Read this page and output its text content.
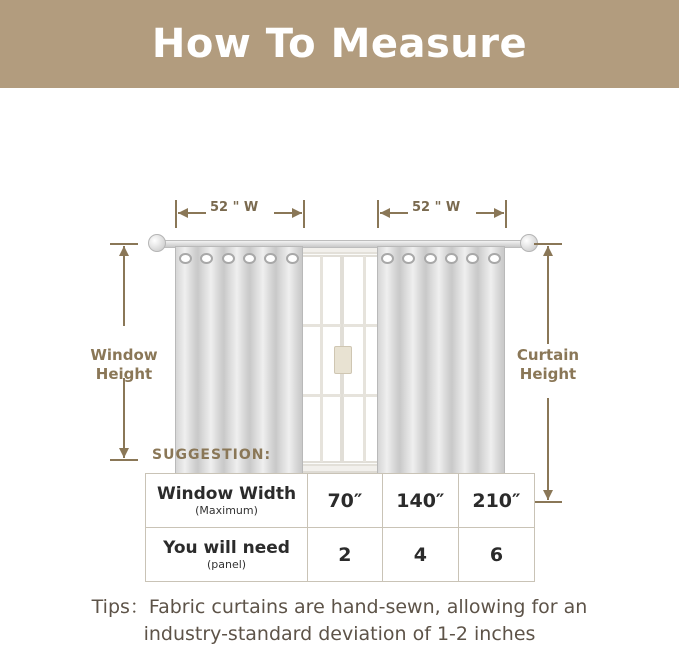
How To Measure
52 " W	52 " W
Window
Height
Curtain
Height
SUGGESTION:
Window Width
(Maximum)	70″	140″	210″

You will need
(panel)	2	4	6
Tips：Fabric curtains are hand-sewn, allowing for an
industry-standard deviation of 1-2 inches
